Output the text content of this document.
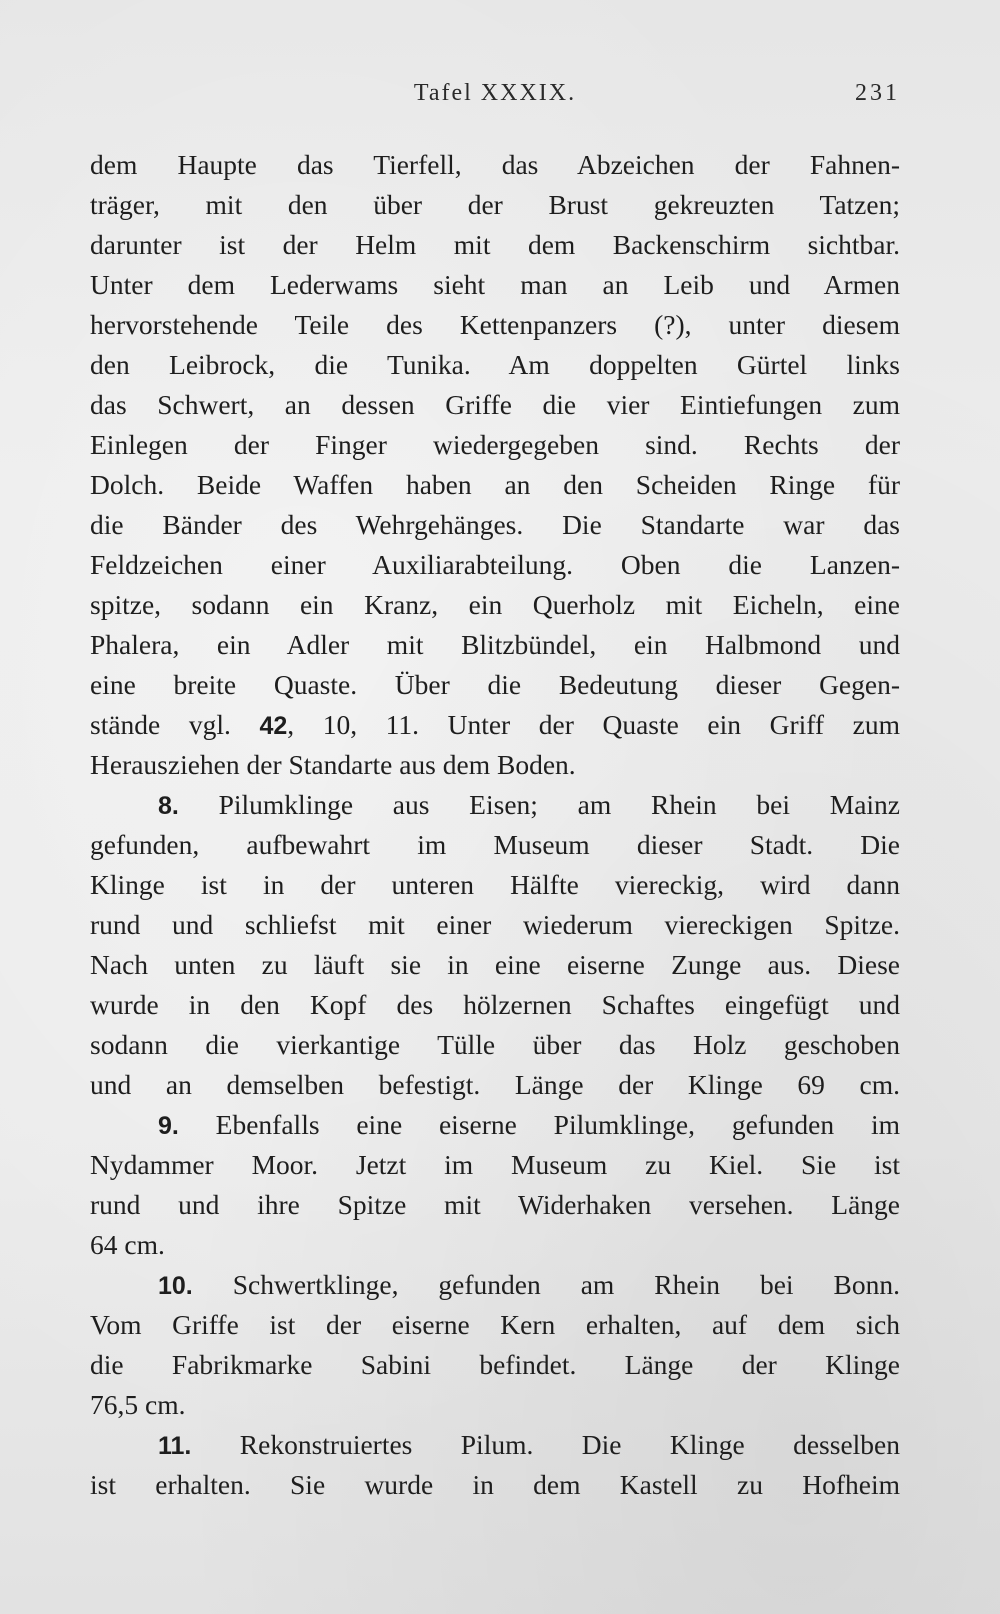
Tafel XXXIX.	231
dem Haupte das Tierfell, das Abzeichen der Fahnen-
träger, mit den über der Brust gekreuzten Tatzen;
darunter ist der Helm mit dem Backenschirm sichtbar.
Unter dem Lederwams sieht man an Leib und Armen
hervorstehende Teile des Kettenpanzers (?), unter diesem
den Leibrock, die Tunika. Am doppelten Gürtel links
das Schwert, an dessen Griffe die vier Eintiefungen zum
Einlegen der Finger wiedergegeben sind. Rechts der
Dolch. Beide Waffen haben an den Scheiden Ringe für
die Bänder des Wehrgehänges. Die Standarte war das
Feldzeichen einer Auxiliarabteilung. Oben die Lanzen-
spitze, sodann ein Kranz, ein Querholz mit Eicheln, eine
Phalera, ein Adler mit Blitzbündel, ein Halbmond und
eine breite Quaste. Über die Bedeutung dieser Gegen-
stände vgl. 42, 10, 11. Unter der Quaste ein Griff zum
Herausziehen der Standarte aus dem Boden.
8. Pilumklinge aus Eisen; am Rhein bei Mainz
gefunden, aufbewahrt im Museum dieser Stadt. Die
Klinge ist in der unteren Hälfte viereckig, wird dann
rund und schliefst mit einer wiederum viereckigen Spitze.
Nach unten zu läuft sie in eine eiserne Zunge aus. Diese
wurde in den Kopf des hölzernen Schaftes eingefügt und
sodann die vierkantige Tülle über das Holz geschoben
und an demselben befestigt. Länge der Klinge 69 cm.
9. Ebenfalls eine eiserne Pilumklinge, gefunden im
Nydammer Moor. Jetzt im Museum zu Kiel. Sie ist
rund und ihre Spitze mit Widerhaken versehen. Länge
64 cm.
10. Schwertklinge, gefunden am Rhein bei Bonn.
Vom Griffe ist der eiserne Kern erhalten, auf dem sich
die Fabrikmarke Sabini befindet. Länge der Klinge
76,5 cm.
11. Rekonstruiertes Pilum. Die Klinge desselben
ist erhalten. Sie wurde in dem Kastell zu Hofheim
